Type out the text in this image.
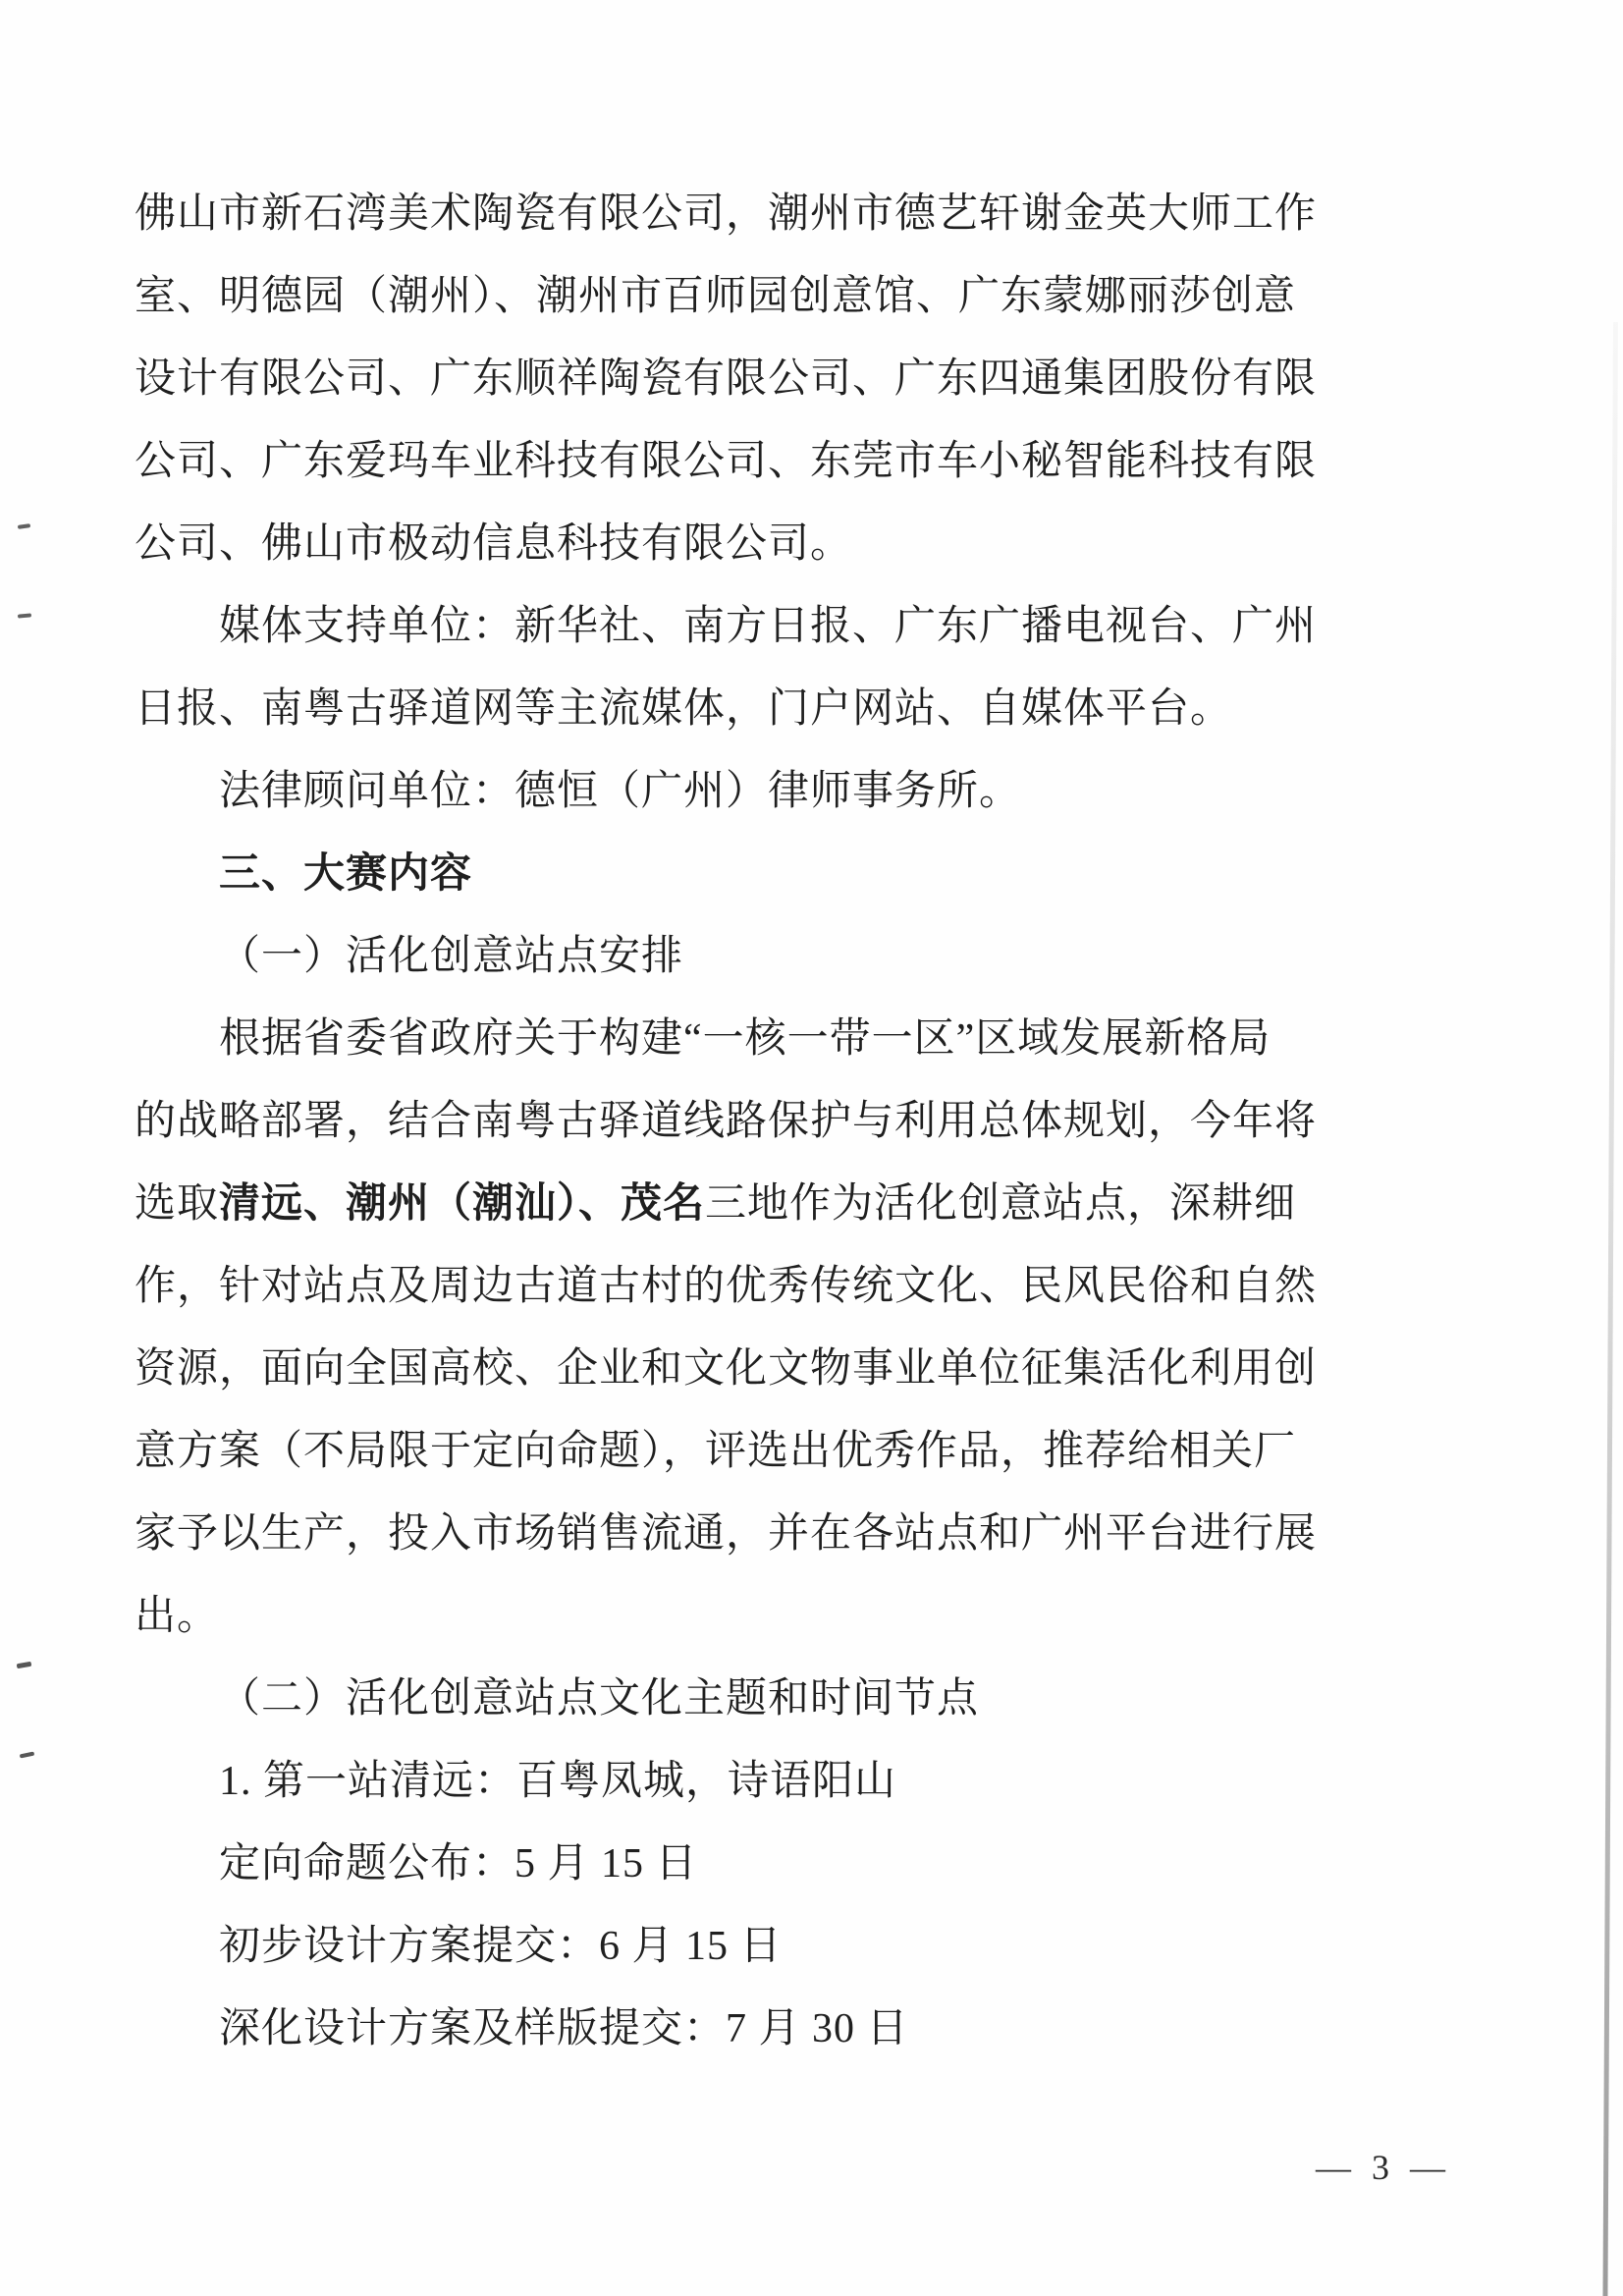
佛山市新石湾美术陶瓷有限公司，潮州市德艺轩谢金英大师工作
室、明德园（潮州）、潮州市百师园创意馆、广东蒙娜丽莎创意
设计有限公司、广东顺祥陶瓷有限公司、广东四通集团股份有限
公司、广东爱玛车业科技有限公司、东莞市车小秘智能科技有限
公司、佛山市极动信息科技有限公司。
媒体支持单位：新华社、南方日报、广东广播电视台、广州
日报、南粤古驿道网等主流媒体，门户网站、自媒体平台。
法律顾问单位：德恒（广州）律师事务所。
三、大赛内容
（一）活化创意站点安排
根据省委省政府关于构建“一核一带一区”区域发展新格局
的战略部署，结合南粤古驿道线路保护与利用总体规划，今年将
选取清远、潮州（潮汕）、茂名三地作为活化创意站点，深耕细
作，针对站点及周边古道古村的优秀传统文化、民风民俗和自然
资源，面向全国高校、企业和文化文物事业单位征集活化利用创
意方案（不局限于定向命题），评选出优秀作品，推荐给相关厂
家予以生产，投入市场销售流通，并在各站点和广州平台进行展
出。
（二）活化创意站点文化主题和时间节点
1. 第一站清远：百粤凤城，诗语阳山
定向命题公布：5 月 15 日
初步设计方案提交：6 月 15 日
深化设计方案及样版提交：7 月 30 日
— 3 —
